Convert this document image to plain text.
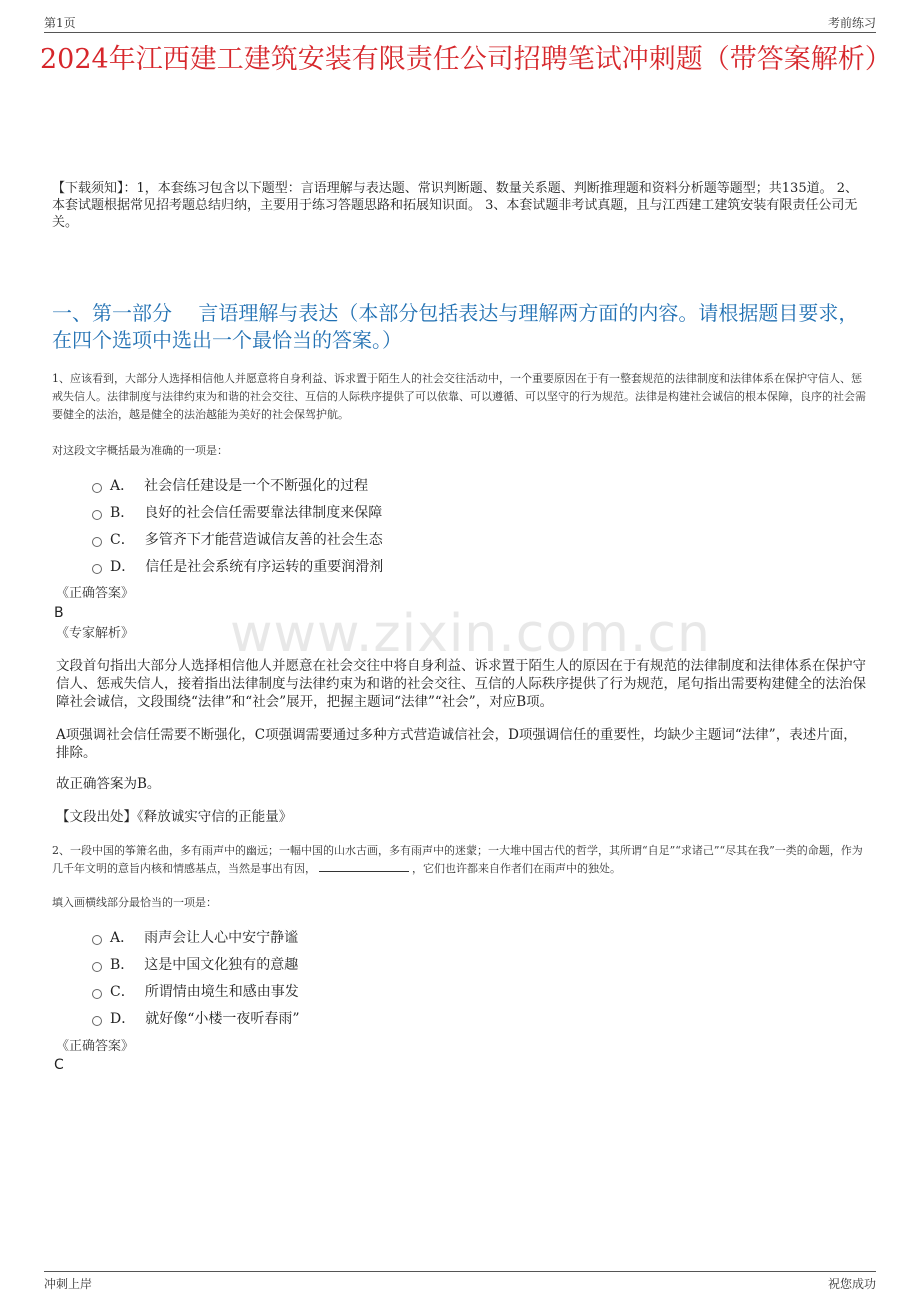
第1页	考前练习
2024年江西建工建筑安装有限责任公司招聘笔试冲刺题（带答案解析）

【下载须知】：1，本套练习包含以下题型：言语理解与表达题、常识判断题、数量关系题、判断推理题和资料分析题等题型；共135道。 2、本套试题根据常见招考题总结归纳，主要用于练习答题思路和拓展知识面。 3、本套试题非考试真题，且与江西建工建筑安装有限责任公司无关。

一、第一部分　 言语理解与表达（本部分包括表达与理解两方面的内容。请根据题目要求，在四个选项中选出一个最恰当的答案。）

1、应该看到，大部分人选择相信他人并愿意将自身利益、诉求置于陌生人的社会交往活动中，一个重要原因在于有一整套规范的法律制度和法律体系在保护守信人、惩戒失信人。法律制度与法律约束为和谐的社会交往、互信的人际秩序提供了可以依靠、可以遵循、可以坚守的行为规范。法律是构建社会诚信的根本保障，良序的社会需要健全的法治，越是健全的法治越能为美好的社会保驾护航。

对这段文字概括最为准确的一项是：

A． 社会信任建设是一个不断强化的过程
B． 良好的社会信任需要靠法律制度来保障
C． 多管齐下才能营造诚信友善的社会生态
D． 信任是社会系统有序运转的重要润滑剂

《正确答案》

B

《专家解析》 www.zixin.com.cn

文段首句指出大部分人选择相信他人并愿意在社会交往中将自身利益、诉求置于陌生人的原因在于有规范的法律制度和法律体系在保护守信人、惩戒失信人，接着指出法律制度与法律约束为和谐的社会交往、互信的人际秩序提供了行为规范，尾句指出需要构建健全的法治保障社会诚信，文段围绕“法律”和“社会”展开，把握主题词“法律”“社会”，对应B项。

A项强调社会信任需要不断强化，C项强调需要通过多种方式营造诚信社会，D项强调信任的重要性，均缺少主题词“法律”，表述片面，排除。

故正确答案为B。

【文段出处】《释放诚实守信的正能量》

2、一段中国的筝箫名曲，多有雨声中的幽远；一幅中国的山水古画，多有雨声中的迷蒙；一大堆中国古代的哲学，其所谓“自足”“求诸己”“尽其在我”一类的命题，作为几千年文明的意旨内核和情感基点，当然是事出有因，	，它们也许都来自作者们在雨声中的独处。

填入画横线部分最恰当的一项是：

A． 雨声会让人心中安宁静谧
B． 这是中国文化独有的意趣
C． 所谓情由境生和感由事发
D． 就好像“小楼一夜听春雨”

《正确答案》

C

冲刺上岸	祝您成功
